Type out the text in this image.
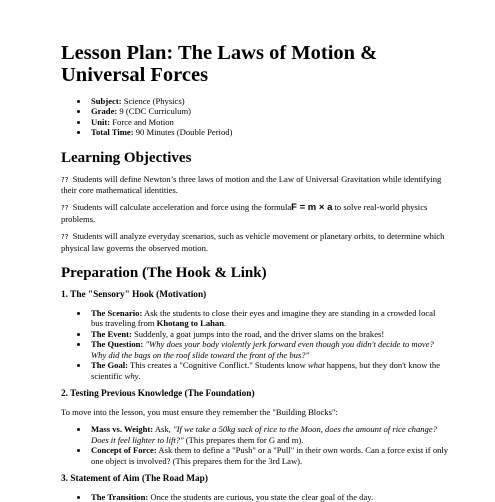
Lesson Plan: The Laws of Motion & Universal Forces
• Subject: Science (Physics)
• Grade: 9 (CDC Curriculum)
• Unit: Force and Motion
• Total Time: 90 Minutes (Double Period)
Learning Objectives

?? Students will define Newton’s three laws of motion and the Law of Universal Gravitation while identifying their core mathematical identities.

?? Students will calculate acceleration and force using the formulaF = m × a to solve real-world physics problems.

?? Students will analyze everyday scenarios, such as vehicle movement or planetary orbits, to determine which physical law governs the observed motion.

Preparation (The Hook & Link)
1. The "Sensory" Hook (Motivation)
• The Scenario: Ask the students to close their eyes and imagine they are standing in a crowded local bus traveling from Khotang to Lahan.
• The Event: Suddenly, a goat jumps into the road, and the driver slams on the brakes!
• The Question: "Why does your body violently jerk forward even though you didn't decide to move? Why did the bags on the roof slide toward the front of the bus?"
• The Goal: This creates a "Cognitive Conflict." Students know what happens, but they don't know the scientific why.
2. Testing Previous Knowledge (The Foundation)

To move into the lesson, you must ensure they remember the "Building Blocks":

• Mass vs. Weight: Ask, "If we take a 50kg sack of rice to the Moon, does the amount of rice change? Does it feel lighter to lift?" (This prepares them for G and m).
• Concept of Force: Ask them to define a "Push" or a "Pull" in their own words. Can a force exist if only one object is involved? (This prepares them for the 3rd Law).
3. Statement of Aim (The Road Map)
• The Transition: Once the students are curious, you state the clear goal of the day.
